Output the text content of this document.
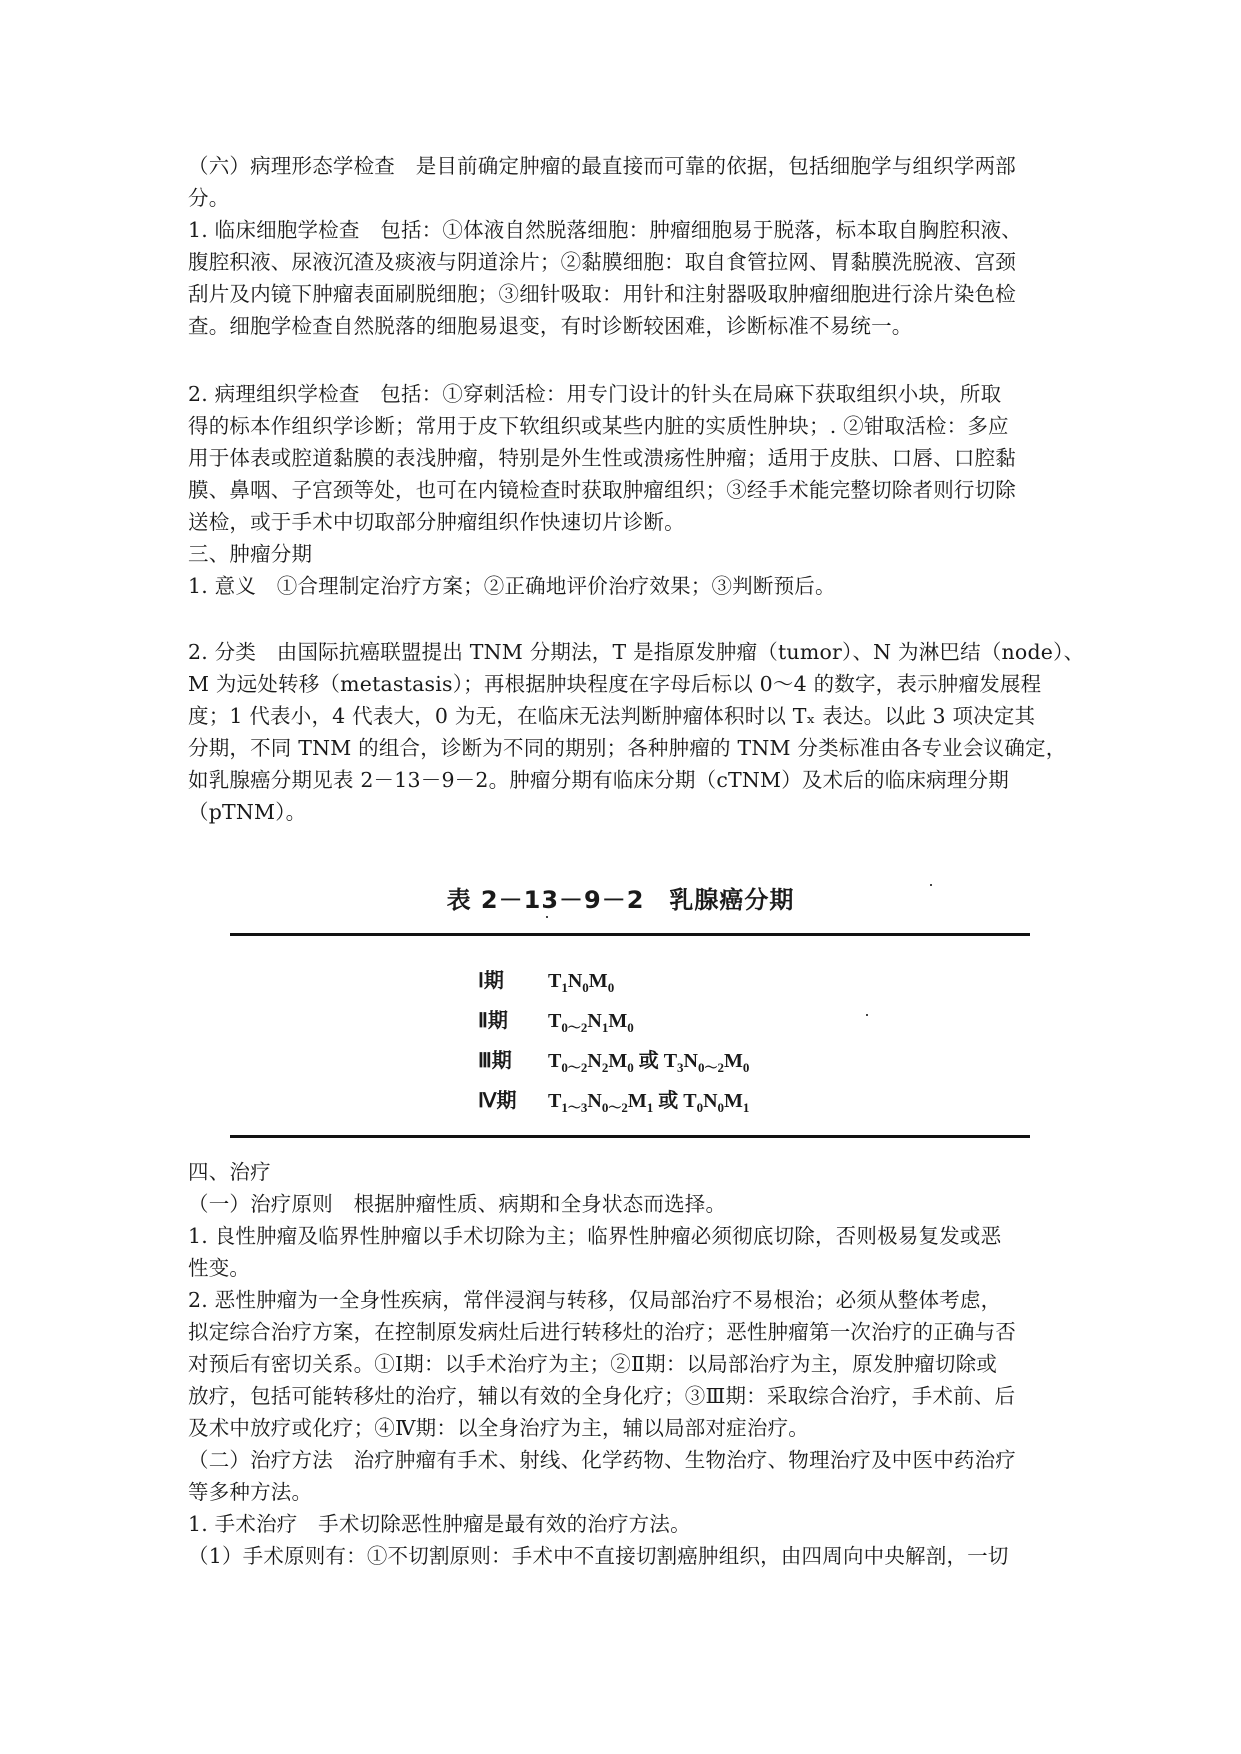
（六）病理形态学检查　是目前确定肿瘤的最直接而可靠的依据，包括细胞学与组织学两部
分。
1. 临床细胞学检查　包括：①体液自然脱落细胞：肿瘤细胞易于脱落，标本取自胸腔积液、
腹腔积液、尿液沉渣及痰液与阴道涂片；②黏膜细胞：取自食管拉网、胃黏膜洗脱液、宫颈
刮片及内镜下肿瘤表面刷脱细胞；③细针吸取：用针和注射器吸取肿瘤细胞进行涂片染色检
查。细胞学检查自然脱落的细胞易退变，有时诊断较困难，诊断标准不易统一。
2. 病理组织学检查　包括：①穿刺活检：用专门设计的针头在局麻下获取组织小块，所取
得的标本作组织学诊断；常用于皮下软组织或某些内脏的实质性肿块；. ②钳取活检：多应
用于体表或腔道黏膜的表浅肿瘤，特别是外生性或溃疡性肿瘤；适用于皮肤、口唇、口腔黏
膜、鼻咽、子宫颈等处，也可在内镜检查时获取肿瘤组织；③经手术能完整切除者则行切除
送检，或于手术中切取部分肿瘤组织作快速切片诊断。
三、肿瘤分期
1. 意义　①合理制定治疗方案；②正确地评价治疗效果；③判断预后。
2. 分类　由国际抗癌联盟提出 TNM 分期法，T 是指原发肿瘤（tumor）、N 为淋巴结（node）、
M 为远处转移（metastasis）；再根据肿块程度在字母后标以 0～4 的数字，表示肿瘤发展程
度；1 代表小，4 代表大，0 为无，在临床无法判断肿瘤体积时以 Tₓ 表达。以此 3 项决定其
分期，不同 TNM 的组合，诊断为不同的期别；各种肿瘤的 TNM 分类标准由各专业会议确定，
如乳腺癌分期见表 2－13－9－2。肿瘤分期有临床分期（cTNM）及术后的临床病理分期
（pTNM）。
表 2－13－9－2　乳腺癌分期
Ⅰ期 $T_1N_0M_0$
Ⅱ期 $T_{0\sim 2}N_1M_0$
Ⅲ期 $T_{0\sim 2}N_2M_0$ 或 $T_3N_{0\sim 2}M_0$
Ⅳ期 $T_{1\sim 3}N_{0\sim 2}M_1$ 或 $T_0N_0M_1$
四、治疗
（一）治疗原则　根据肿瘤性质、病期和全身状态而选择。
1. 良性肿瘤及临界性肿瘤以手术切除为主；临界性肿瘤必须彻底切除，否则极易复发或恶
性变。
2. 恶性肿瘤为一全身性疾病，常伴浸润与转移，仅局部治疗不易根治；必须从整体考虑，
拟定综合治疗方案，在控制原发病灶后进行转移灶的治疗；恶性肿瘤第一次治疗的正确与否
对预后有密切关系。①Ⅰ期：以手术治疗为主；②Ⅱ期：以局部治疗为主，原发肿瘤切除或
放疗，包括可能转移灶的治疗，辅以有效的全身化疗；③Ⅲ期：采取综合治疗，手术前、后
及术中放疗或化疗；④Ⅳ期：以全身治疗为主，辅以局部对症治疗。
（二）治疗方法　治疗肿瘤有手术、射线、化学药物、生物治疗、物理治疗及中医中药治疗
等多种方法。
1. 手术治疗　手术切除恶性肿瘤是最有效的治疗方法。
（1）手术原则有：①不切割原则：手术中不直接切割癌肿组织，由四周向中央解剖，一切
